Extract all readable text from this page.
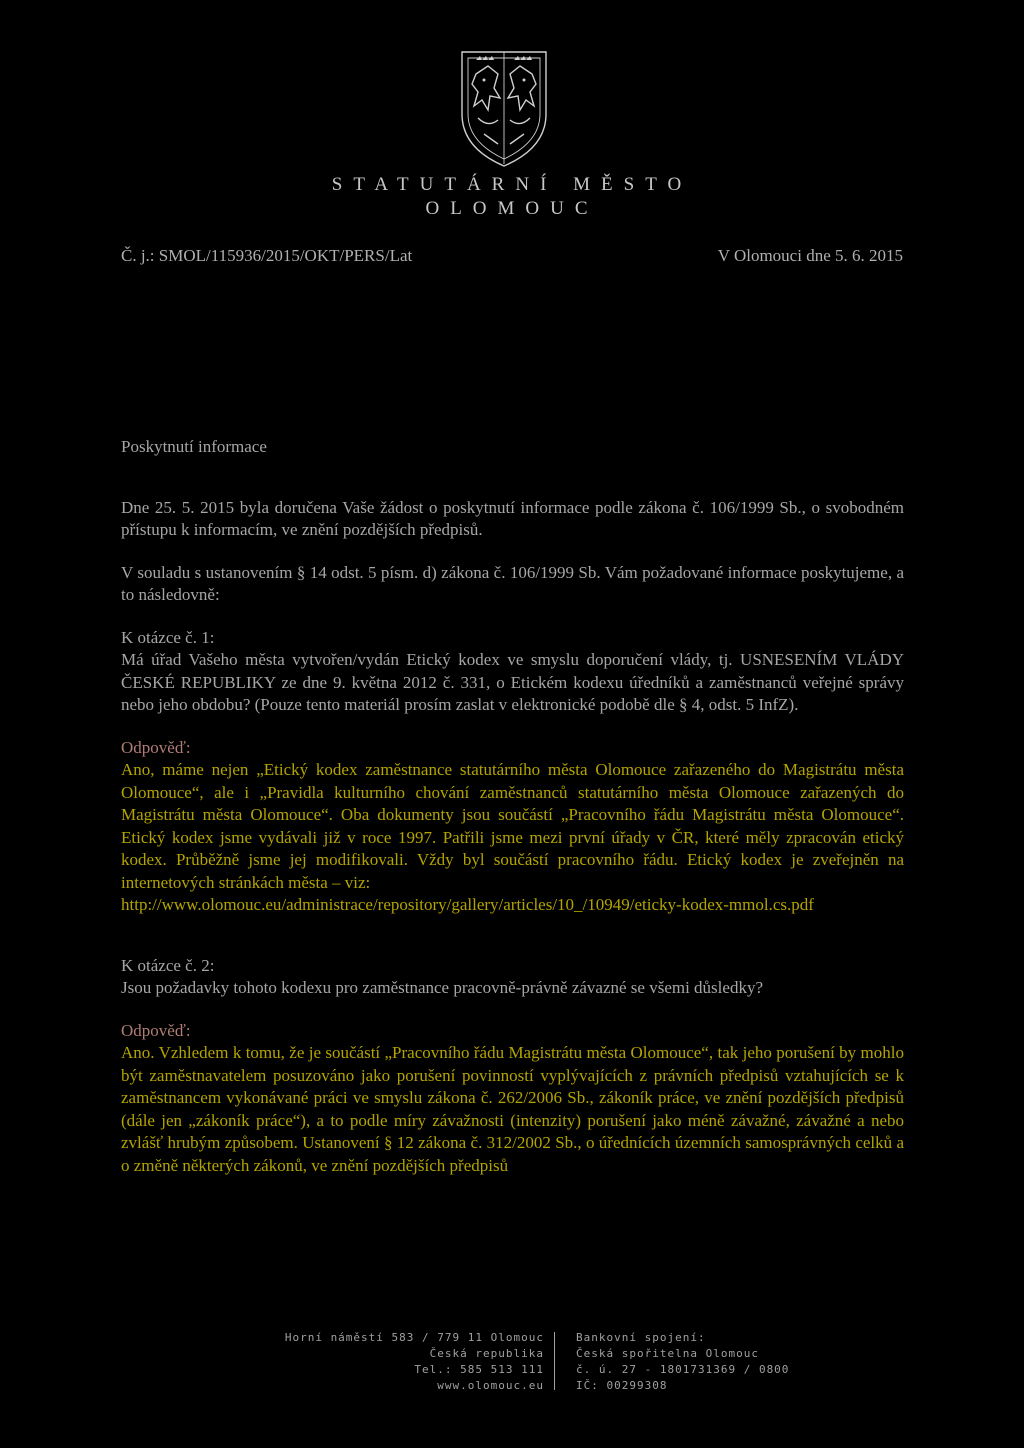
STATUTÁRNÍ MĚSTO
OLOMOUC
Č. j.: SMOL/115936/2015/OKT/PERS/Lat	V Olomouci dne 5. 6. 2015

Poskytnutí informace

Dne 25. 5. 2015 byla doručena Vaše žádost o poskytnutí informace podle zákona č. 106/1999 Sb., o svobodném přístupu k informacím, ve znění pozdějších předpisů.

V souladu s ustanovením § 14 odst. 5 písm. d) zákona č. 106/1999 Sb. Vám požadované informace poskytujeme, a to následovně:

K otázce č. 1:

Má úřad Vašeho města vytvořen/vydán Etický kodex ve smyslu doporučení vlády, tj. USNESENÍM VLÁDY ČESKÉ REPUBLIKY ze dne 9. května 2012 č. 331, o Etickém kodexu úředníků a zaměstnanců veřejné správy nebo jeho obdobu? (Pouze tento materiál prosím zaslat v elektronické podobě dle § 4, odst. 5 InfZ).

Odpověď:

Ano, máme nejen „Etický kodex zaměstnance statutárního města Olomouce zařazeného do Magistrátu města Olomouce“, ale i „Pravidla kulturního chování zaměstnanců statutárního města Olomouce zařazených do Magistrátu města Olomouce“. Oba dokumenty jsou součástí „Pracovního řádu Magistrátu města Olomouce“. Etický kodex jsme vydávali již v roce 1997. Patřili jsme mezi první úřady v ČR, které měly zpracován etický kodex. Průběžně jsme jej modifikovali. Vždy byl součástí pracovního řádu. Etický kodex je zveřejněn na internetových stránkách města – viz:

http://www.olomouc.eu/administrace/repository/gallery/articles/10_/10949/eticky-kodex-mmol.cs.pdf

K otázce č. 2:

Jsou požadavky tohoto kodexu pro zaměstnance pracovně-právně závazné se všemi důsledky?

Odpověď:

Ano. Vzhledem k tomu, že je součástí „Pracovního řádu Magistrátu města Olomouce“, tak jeho porušení by mohlo být zaměstnavatelem posuzováno jako porušení povinností vyplývajících z právních předpisů vztahujících se k zaměstnancem vykonávané práci ve smyslu zákona č. 262/2006 Sb., zákoník práce, ve znění pozdějších předpisů (dále jen „zákoník práce“), a to podle míry závažnosti (intenzity) porušení jako méně závažné, závažné a nebo zvlášť hrubým způsobem. Ustanovení § 12 zákona č. 312/2002 Sb., o úřednících územních samosprávných celků a o změně některých zákonů, ve znění pozdějších předpisů

Horní náměstí 583 / 779 11 Olomouc
Česká republika
Tel.: 585 513 111
www.olomouc.eu
Bankovní spojení:
Česká spořitelna Olomouc
č. ú. 27 - 1801731369 / 0800
IČ: 00299308
